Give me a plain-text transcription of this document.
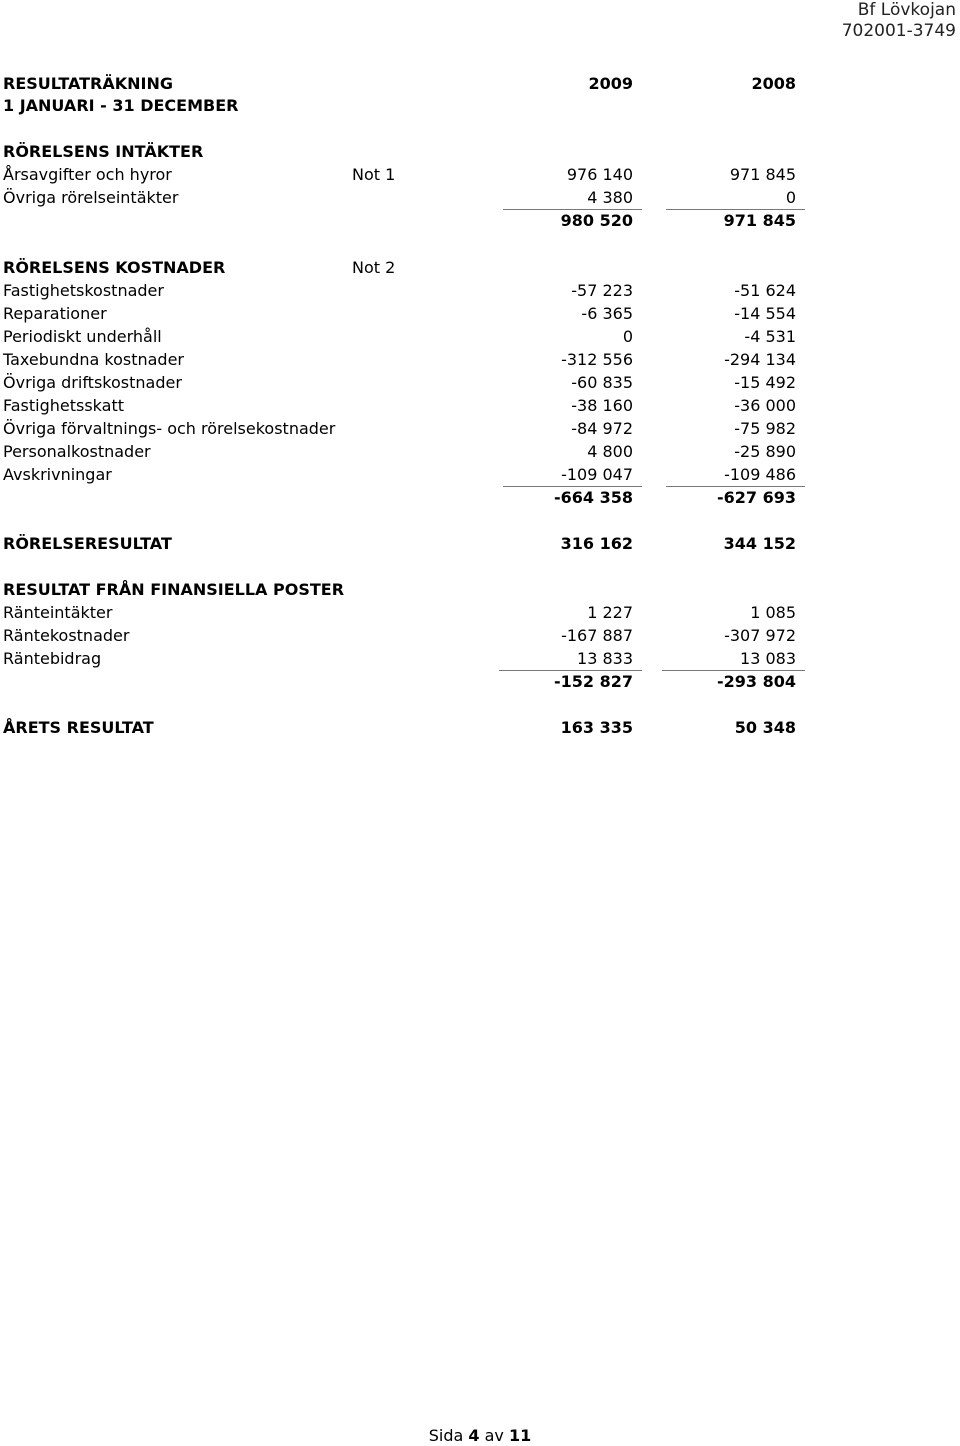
Bf Lövkojan
702001-3749
RESULTATRÄKNING	2009	2008
1 JANUARI - 31 DECEMBER
RÖRELSENS INTÄKTER
Årsavgifter och hyror	Not 1	976 140	971 845
Övriga rörelseintäkter	4 380	0
980 520	971 845
RÖRELSENS KOSTNADER	Not 2
Fastighetskostnader	-57 223	-51 624
Reparationer	-6 365	-14 554
Periodiskt underhåll	0	-4 531
Taxebundna kostnader	-312 556	-294 134
Övriga driftskostnader	-60 835	-15 492
Fastighetsskatt	-38 160	-36 000
Övriga förvaltnings- och rörelsekostnader	-84 972	-75 982
Personalkostnader	4 800	-25 890
Avskrivningar	-109 047	-109 486
-664 358	-627 693
RÖRELSERESULTAT	316 162	344 152
RESULTAT FRÅN FINANSIELLA POSTER
Ränteintäkter	1 227	1 085
Räntekostnader	-167 887	-307 972
Räntebidrag	13 833	13 083
-152 827	-293 804
ÅRETS RESULTAT	163 335	50 348
Sida 4 av 11
